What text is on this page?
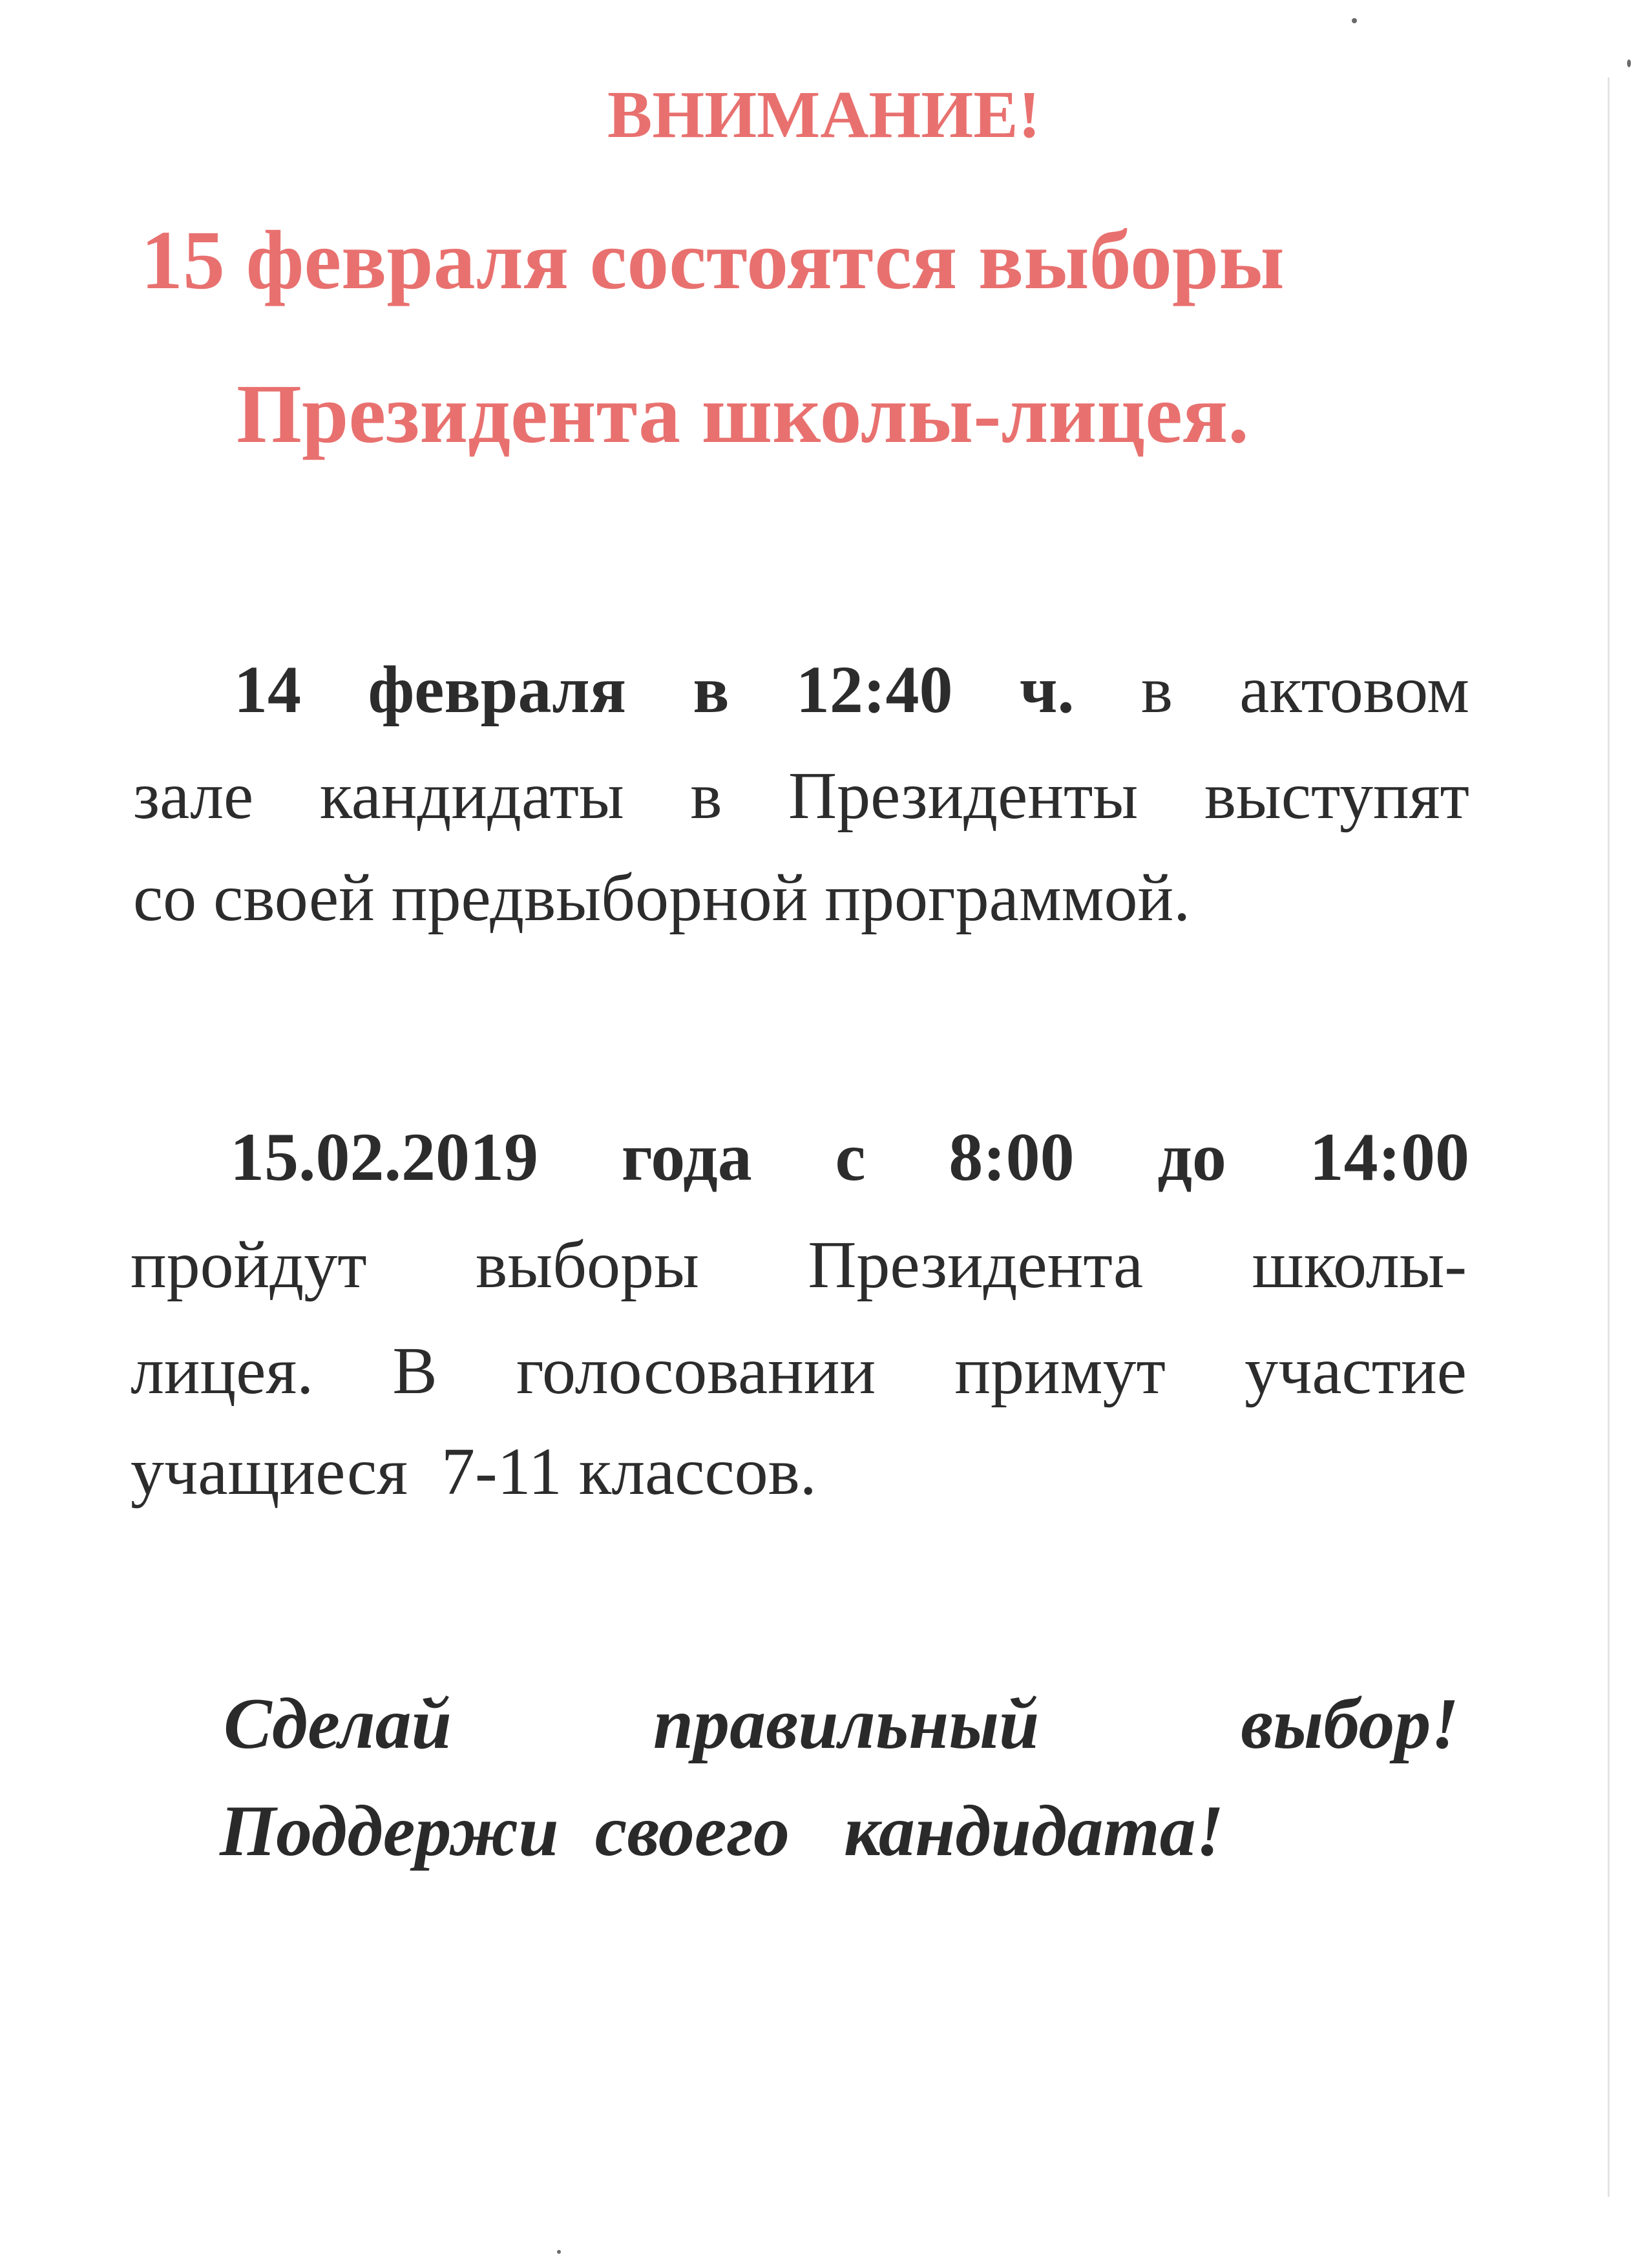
ВНИМАНИЕ!
15 февраля состоятся выборы
Президента школы-лицея.
14 февраля в 12:40 ч. в актовом
зале кандидаты в Президенты выступят
со своей предвыборной программой.
15.02.2019 года с 8:00 до 14:00
пройдут выборы Президента школы-
лицея. В голосовании примут участие
учащиеся  7-11 классов.
Сделай	правильный	выбор!
Поддержи  своего   кандидата!
